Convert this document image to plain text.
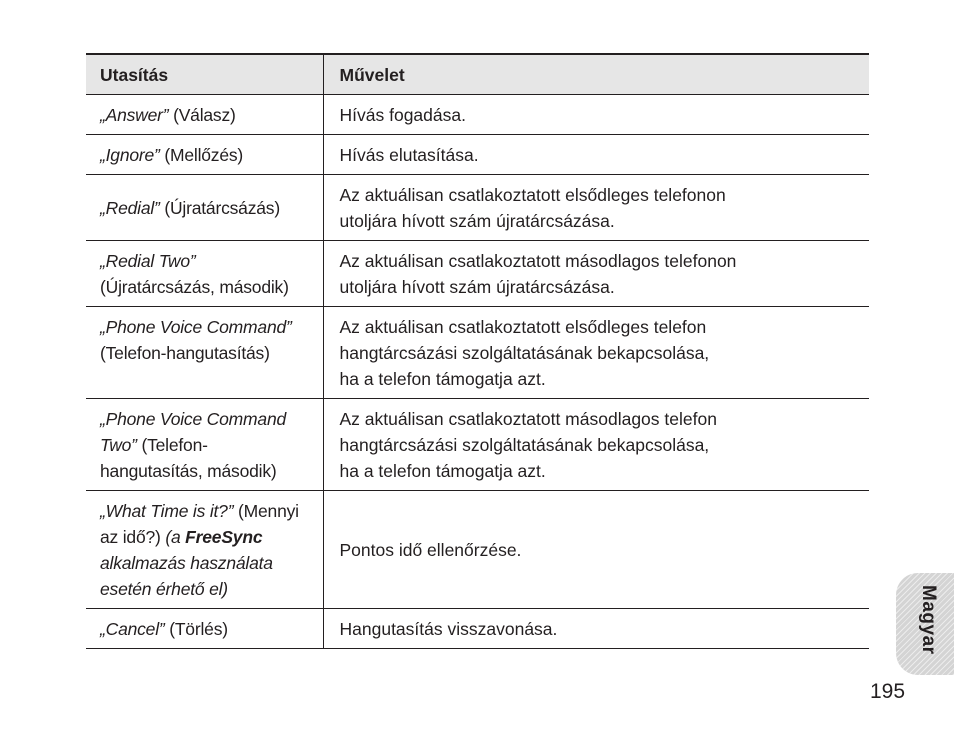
Utasítás	Művelet
„Answer” (Válasz)	Hívás fogadása.
„Ignore” (Mellőzés)	Hívás elutasítása.
„Redial” (Újratárcsázás)	Az aktuálisan csatlakoztatott elsődleges telefonon
utoljára hívott szám újratárcsázása.
„Redial Two”
(Újratárcsázás, második)	Az aktuálisan csatlakoztatott másodlagos telefonon
utoljára hívott szám újratárcsázása.
„Phone Voice Command”
(Telefon-hangutasítás)	Az aktuálisan csatlakoztatott elsődleges telefon
hangtárcsázási szolgáltatásának bekapcsolása,
ha a telefon támogatja azt.
„Phone Voice Command
Two” (Telefon-
hangutasítás, második)	Az aktuálisan csatlakoztatott másodlagos telefon
hangtárcsázási szolgáltatásának bekapcsolása,
ha a telefon támogatja azt.
„What Time is it?” (Mennyi
az idő?) (a FreeSync
alkalmazás használata
esetén érhető el)	Pontos idő ellenőrzése.
„Cancel” (Törlés)	Hangutasítás visszavonása.	Magyar
195
